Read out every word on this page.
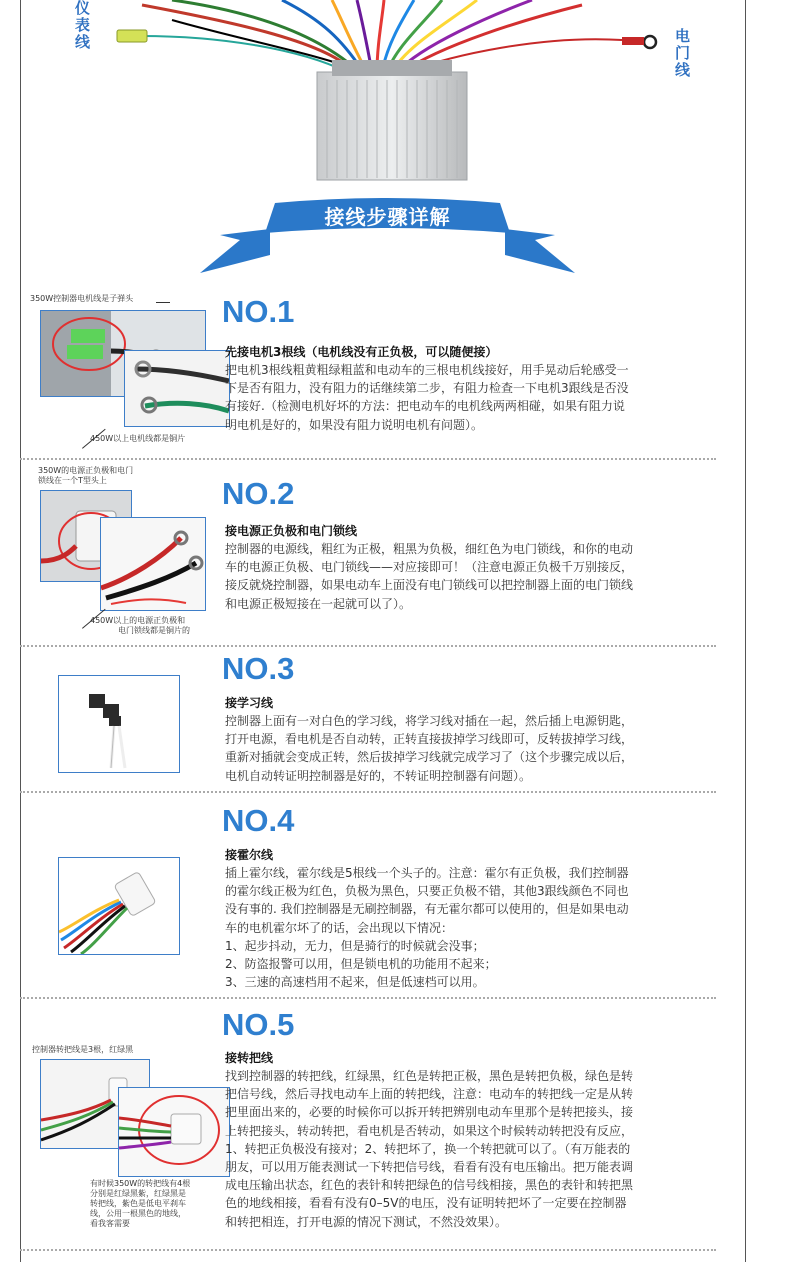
仪表线
电门线
接线步骤详解
350W控制器电机线是子弹头
450W以上电机线都是铜片
NO.1
先接电机3根线（电机线没有正负极，可以随便接）

把电机3根线粗黄粗绿粗蓝和电动车的三根电机线接好，用手晃动后轮感受一

下是否有阻力，没有阻力的话继续第二步，有阻力检查一下电机3跟线是否没

有接好.（检测电机好坏的方法：把电动车的电机线两两相碰，如果有阻力说

明电机是好的，如果没有阻力说明电机有问题）。

350W的电源正负极和电门
锁线在一个T型头上
450W以上的电源正负极和
电门锁线都是铜片的
NO.2
接电源正负极和电门锁线

控制器的电源线，粗红为正极，粗黑为负极，细红色为电门锁线，和你的电动

车的电源正负极、电门锁线——对应接即可！（注意电源正负极千万别接反，

接反就烧控制器，如果电动车上面没有电门锁线可以把控制器上面的电门锁线

和电源正极短接在一起就可以了）。

NO.3
接学习线

控制器上面有一对白色的学习线，将学习线对插在一起，然后插上电源钥匙，

打开电源，看电机是否自动转，正转直接拔掉学习线即可，反转拔掉学习线，

重新对插就会变成正转，然后拔掉学习线就完成学习了（这个步骤完成以后，

电机自动转证明控制器是好的，不转证明控制器有问题）。

NO.4
接霍尔线

插上霍尔线，霍尔线是5根线一个头子的。注意：霍尔有正负极，我们控制器

的霍尔线正极为红色，负极为黑色，只要正负极不错，其他3跟线颜色不同也

没有事的. 我们控制器是无刷控制器，有无霍尔都可以使用的，但是如果电动

车的电机霍尔坏了的话，会出现以下情况：

1、起步抖动，无力，但是骑行的时候就会没事；

2、防盗报警可以用，但是锁电机的功能用不起来；

3、三速的高速档用不起来，但是低速档可以用。

控制器转把线是3根，红绿黑
有时候350W的转把线有4根
分别是红绿黑紫，红绿黑是
转把线，紫色是低电平刹车
线，公用一根黑色的地线，
看我客需要
NO.5
接转把线

找到控制器的转把线，红绿黑，红色是转把正极，黑色是转把负极，绿色是转

把信号线，然后寻找电动车上面的转把线，注意：电动车的转把线一定是从转

把里面出来的，必要的时候你可以拆开转把辨别电动车里那个是转把接头，接

上转把接头，转动转把，看电机是否转动，如果这个时候转动转把没有反应，

1、转把正负极没有接对；2、转把坏了，换一个转把就可以了。（有万能表的

朋友，可以用万能表测试一下转把信号线，看看有没有电压输出。把万能表调

成电压输出状态，红色的表针和转把绿色的信号线相接，黑色的表针和转把黑

色的地线相接，看看有没有0–5V的电压，没有证明转把坏了一定要在控制器

和转把相连，打开电源的情况下测试，不然没效果）。
